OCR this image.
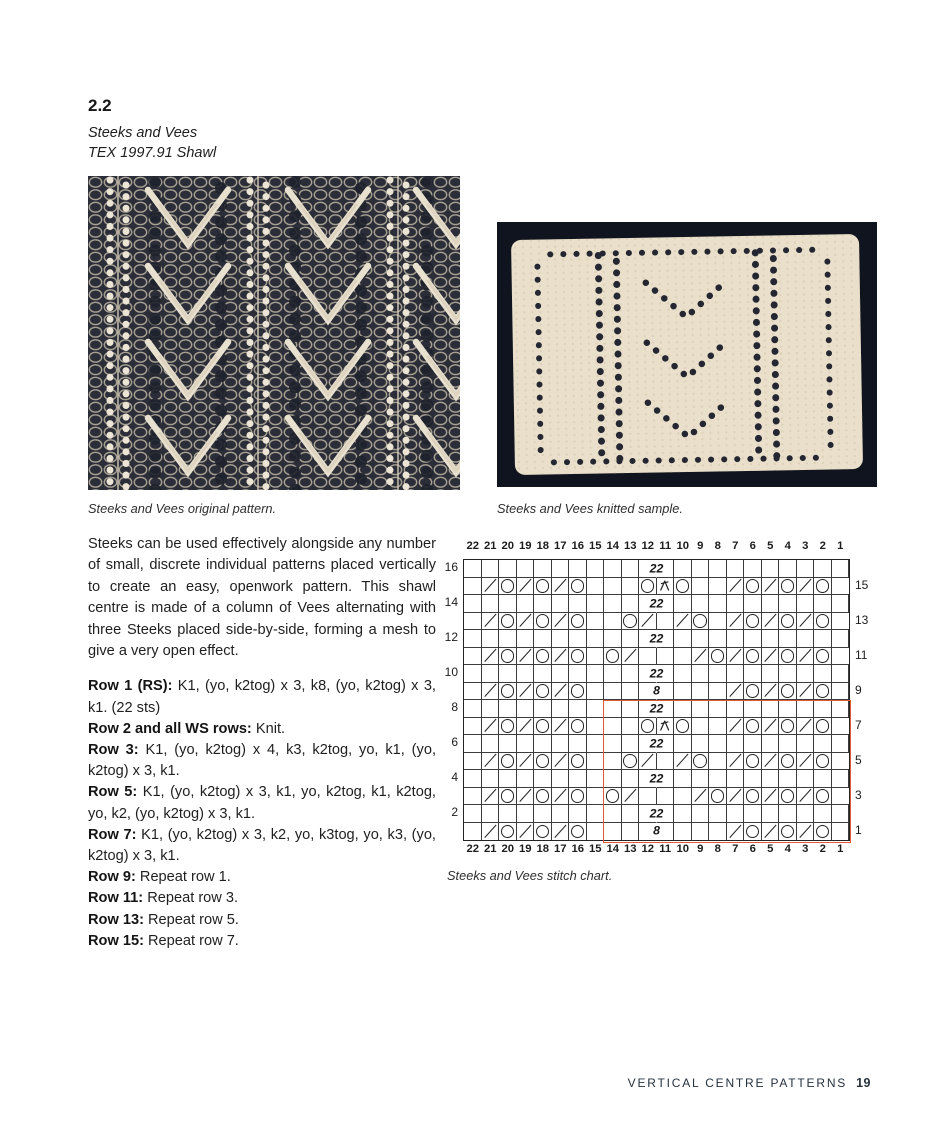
2.2
Steeks and Vees
TEX 1997.91 Shawl
Steeks and Vees original pattern.	Steeks and Vees knitted sample.

Steeks can be used effectively alongside any number of small, discrete individual patterns placed vertically to create an easy, openwork pattern. This shawl centre is made of a column of Vees alternating with three Steeks placed side-by-side, forming a mesh to give a very open effect.

Row 1 (RS): K1, (yo, k2tog) x 3, k8, (yo, k2tog) x 3, k1. (22 sts)

Row 2 and all WS rows: Knit.

Row 3: K1, (yo, k2tog) x 4, k3, k2tog, yo, k1, (yo, k2tog) x 3, k1.

Row 5: K1, (yo, k2tog) x 3, k1, yo, k2tog, k1, k2tog, yo, k2, (yo, k2tog) x 3, k1.

Row 7: K1, (yo, k2tog) x 3, k2, yo, k3tog, yo, k3, (yo, k2tog) x 3, k1.

Row 9: Repeat row 1.

Row 11: Repeat row 3.

Row 13: Repeat row 5.

Row 15: Repeat row 7.

22 21 20 19 18 17 16 15 14 13 12 11 10 9 8 7 6 5 4 3 2 1
22
22
22
22
8
22
22
22
22
8
22 21 20 19 18 17 16 15 14 13 12 11 10 9 8 7 6 5 4 3 2 1
Steeks and Vees stitch chart.
16
15
14
13
12
11
10
9
8
7
6
5
4
3
2
1
VERTICAL CENTRE PATTERNS 19
